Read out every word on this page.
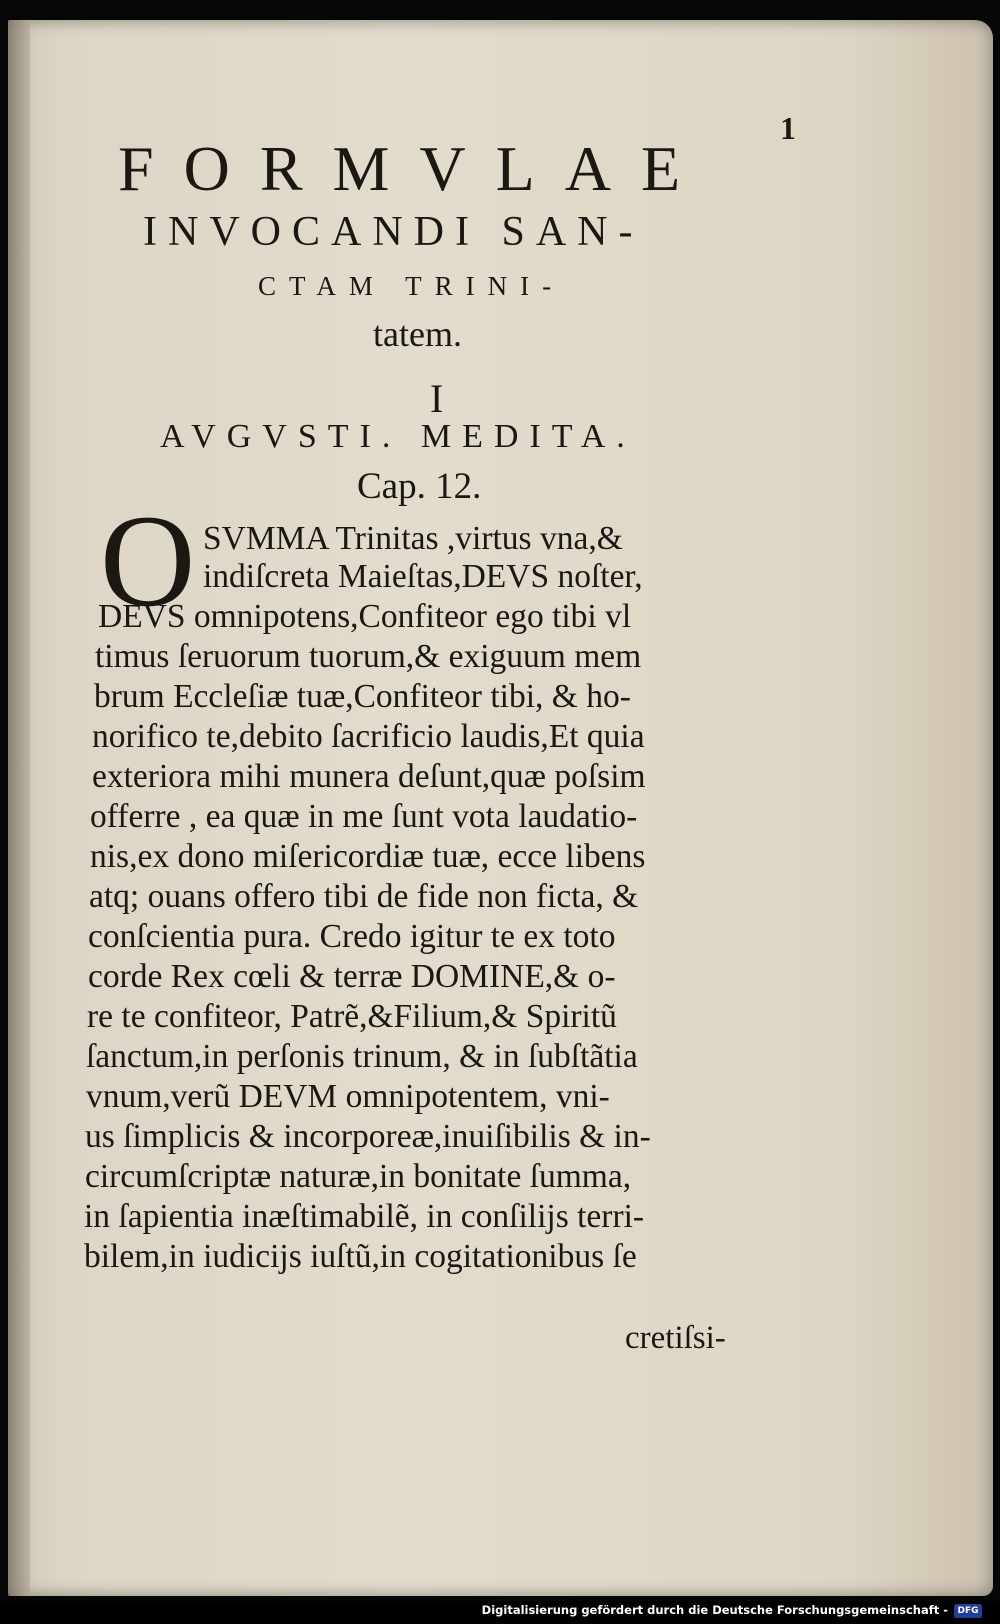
1
FORMVLAE
INVOCANDI SAN-
CTAM TRINI-
tatem.
I
AVGVSTI. MEDITA.
Cap. 12.
O SVMMA Trinitas ,virtus vna,&
indiſcreta Maieſtas,DEVS noſter,
DEVS omnipotens,Confiteor ego tibi vl
timus ſeruorum tuorum,& exiguum mem
brum Eccleſiæ tuæ,Confiteor tibi, & ho-
norifico te,debito ſacrificio laudis,Et quia
exteriora mihi munera deſunt,quæ poſsim
offerre , ea quæ in me ſunt vota laudatio-
nis,ex dono miſericordiæ tuæ, ecce libens
atq; ouans offero tibi de fide non ficta, &
conſcientia pura. Credo igitur te ex toto
corde Rex cœli & terræ DOMINE,& o-
re te confiteor, Patrẽ,&Filium,& Spiritũ
ſanctum,in perſonis trinum, & in ſubſtãtia
vnum,verũ DEVM omnipotentem, vni-
us ſimplicis & incorporeæ,inuiſibilis & in-
circumſcriptæ naturæ,in bonitate ſumma,
in ſapientia inæſtimabilẽ, in conſilijs terri-
bilem,in iudicijs iuſtũ,in cogitationibus ſe
cretiſsi-
Digitalisierung gefördert durch die Deutsche Forschungsgemeinschaft -	DFG
